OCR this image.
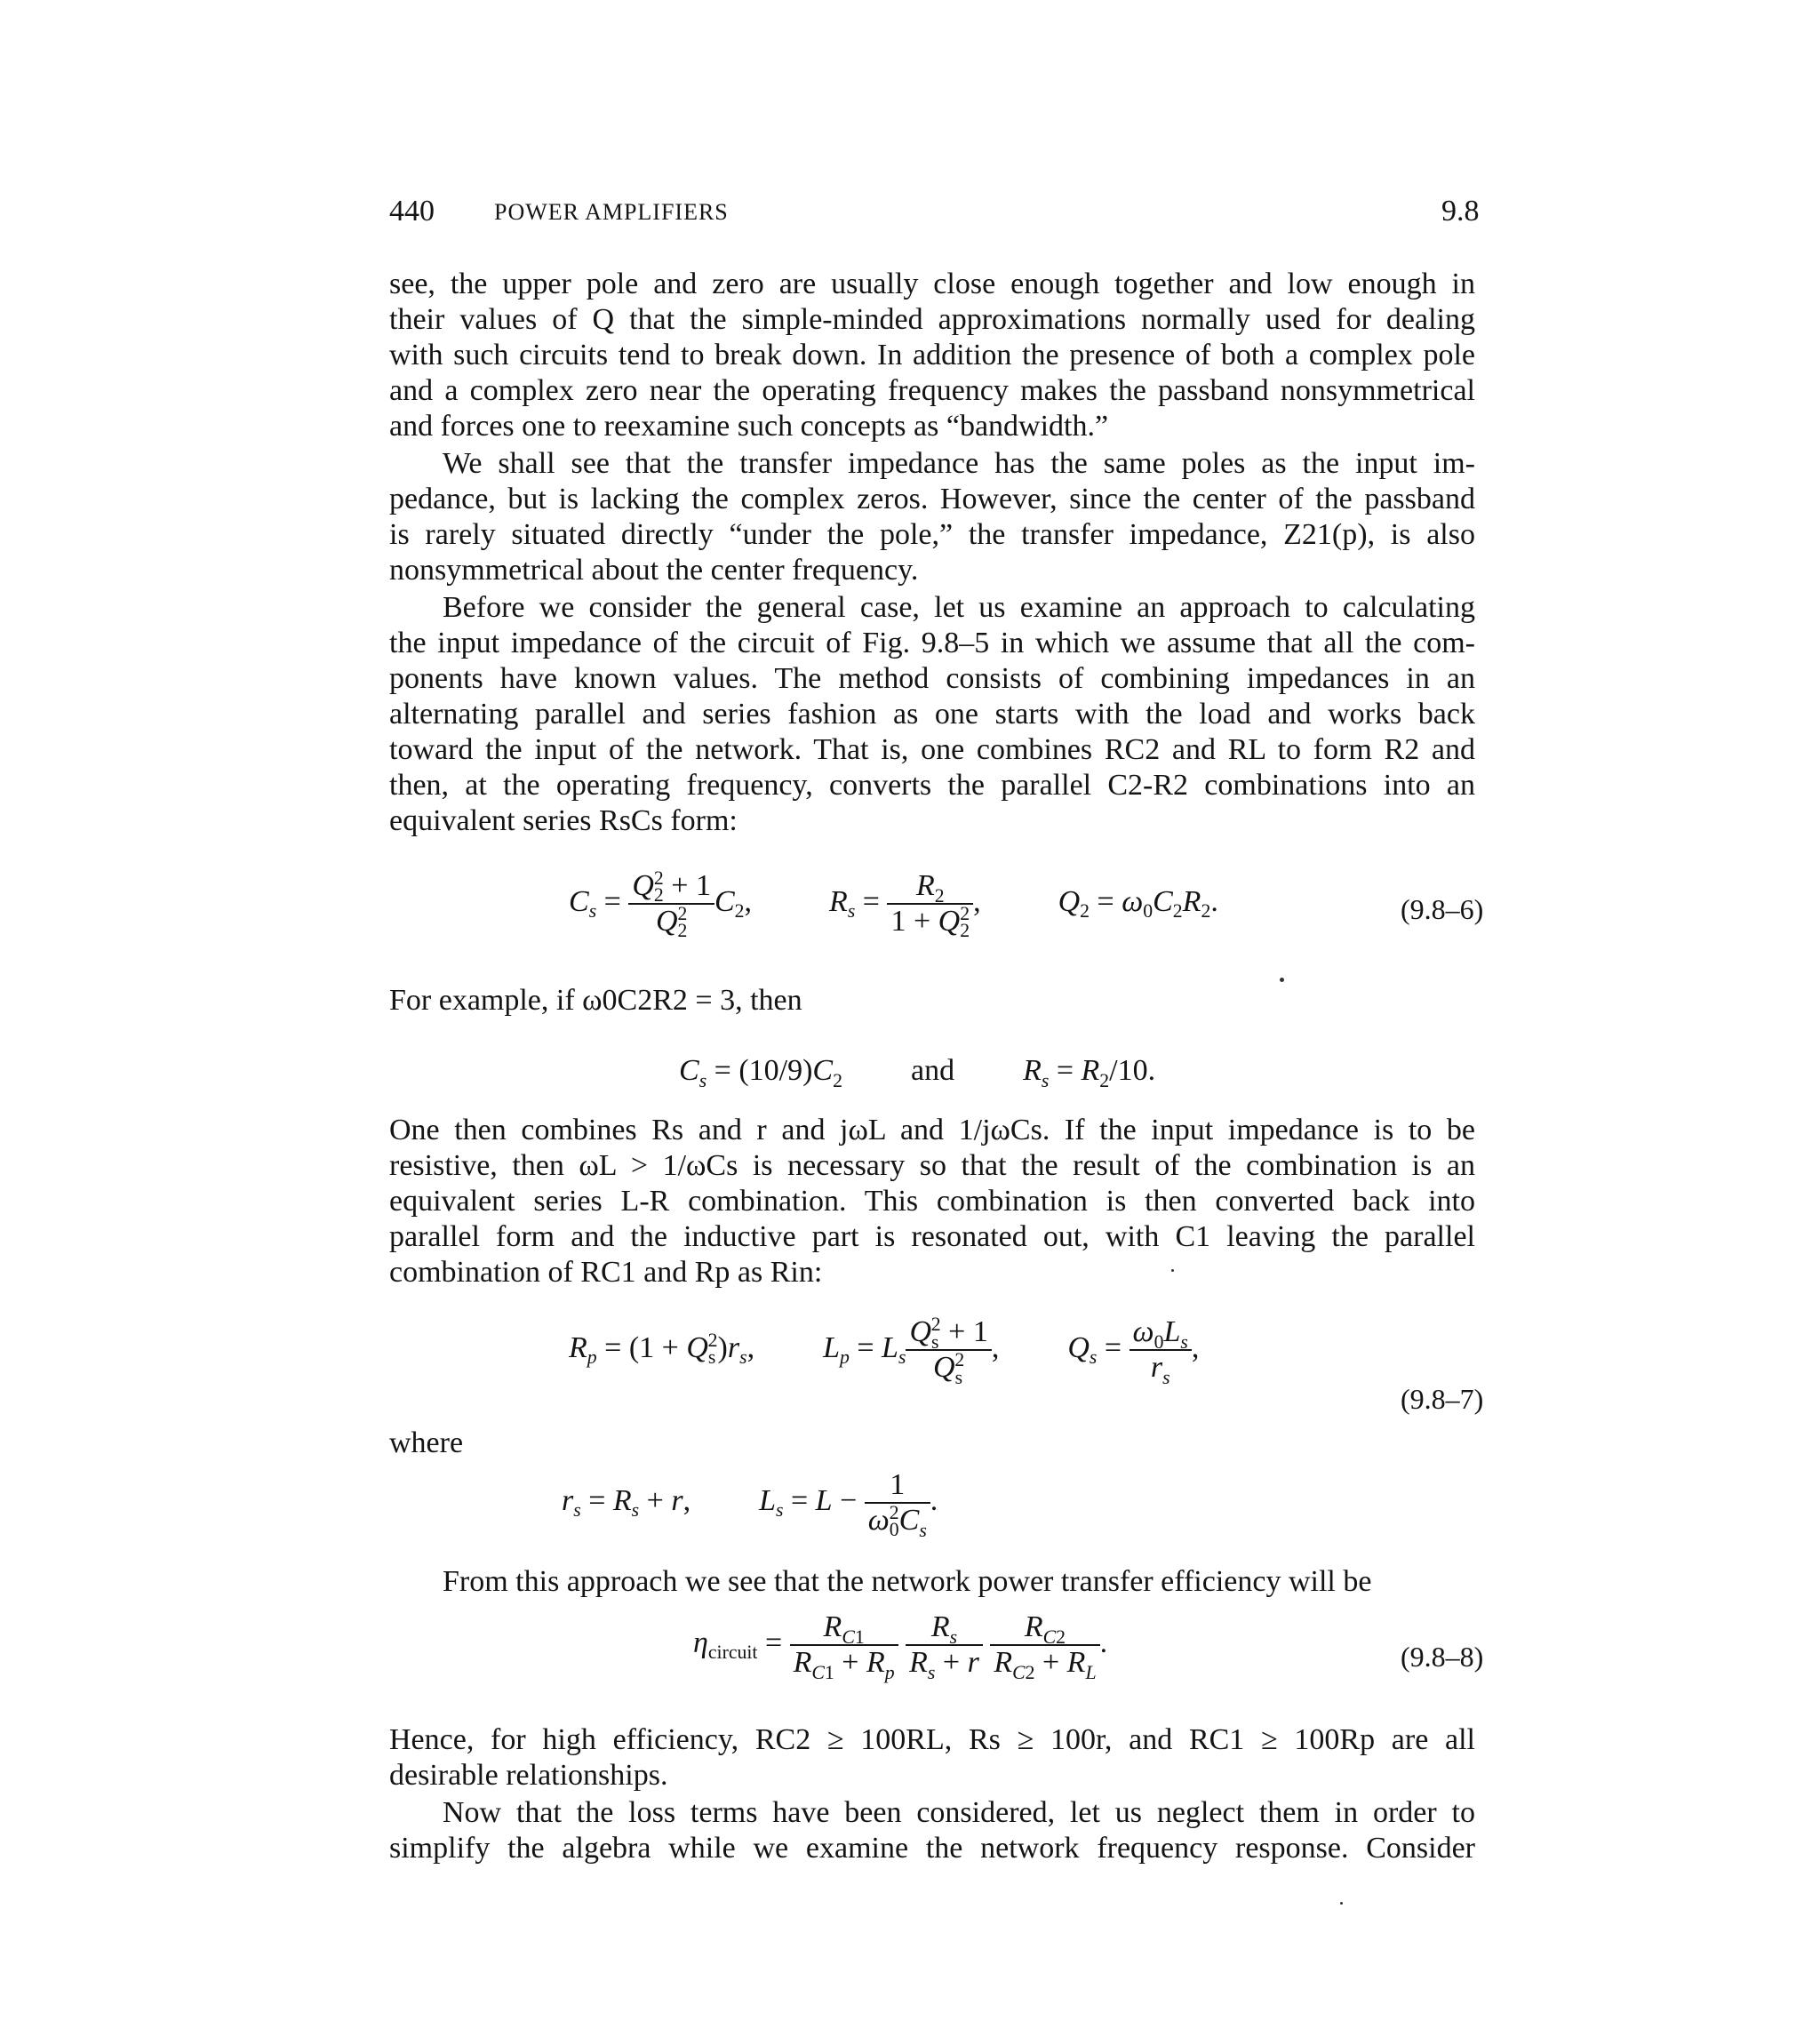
440	POWER AMPLIFIERS	9.8
see, the upper pole and zero are usually close enough together and low enough in
their values of Q that the simple-minded approximations normally used for dealing
with such circuits tend to break down. In addition the presence of both a complex pole
and a complex zero near the operating frequency makes the passband nonsymmetrical
and forces one to reexamine such concepts as “bandwidth.”
We shall see that the transfer impedance has the same poles as the input im-
pedance, but is lacking the complex zeros. However, since the center of the passband
is rarely situated directly “under the pole,” the transfer impedance, Z21(p), is also
nonsymmetrical about the center frequency.
Before we consider the general case, let us examine an approach to calculating
the input impedance of the circuit of Fig. 9.8–5 in which we assume that all the com-
ponents have known values. The method consists of combining impedances in an
alternating parallel and series fashion as one starts with the load and works back
toward the input of the network. That is, one combines RC2 and RL to form R2 and
then, at the operating frequency, converts the parallel C2-R2 combinations into an
equivalent series RsCs form:
$C_s = \frac{Q_2^2 + 1}{Q_2^2} C_2$,  $R_s = \frac{R_2}{1 + Q_2^2}$ ,  $Q_2 = \omega_0C_2R_2$.	(9.8–6)
For example, if ω0C2R2 = 3, then
$C_s = (10/9)C_2$ and $R_s = R_2/10$.
One then combines Rs and r and jωL and 1/jωCs. If the input impedance is to be
resistive, then ωL > 1/ωCs is necessary so that the result of the combination is an
equivalent series L-R combination. This combination is then converted back into
parallel form and the inductive part is resonated out, with C1 leaving the parallel
combination of RC1 and Rp as Rin:
$R_p = (1 + Q_s^2)r_s$,  $L_p = L_s \frac{Q_s^2 + 1}{Q_s^2}$ ,  $Q_s = \frac{\omega_0L_s}{r_s}$ ,
(9.8–7)
where
$r_s = R_s + r$,  $L_s = L - \frac{1}{\omega_0^2C_s}$ .
From this approach we see that the network power transfer efficiency will be
$\eta_{circuit} = \frac{R_{C1}}{R_{C1} + R_p}$
$\frac{R_s}{R_s + r}$
$\frac{R_{C2}}{R_{C2} + R_L}$ .	(9.8–8)
Hence, for high efficiency, RC2 ≥ 100RL, Rs ≥ 100r, and RC1 ≥ 100Rp are all
desirable relationships.
Now that the loss terms have been considered, let us neglect them in order to
simplify the algebra while we examine the network frequency response. Consider
